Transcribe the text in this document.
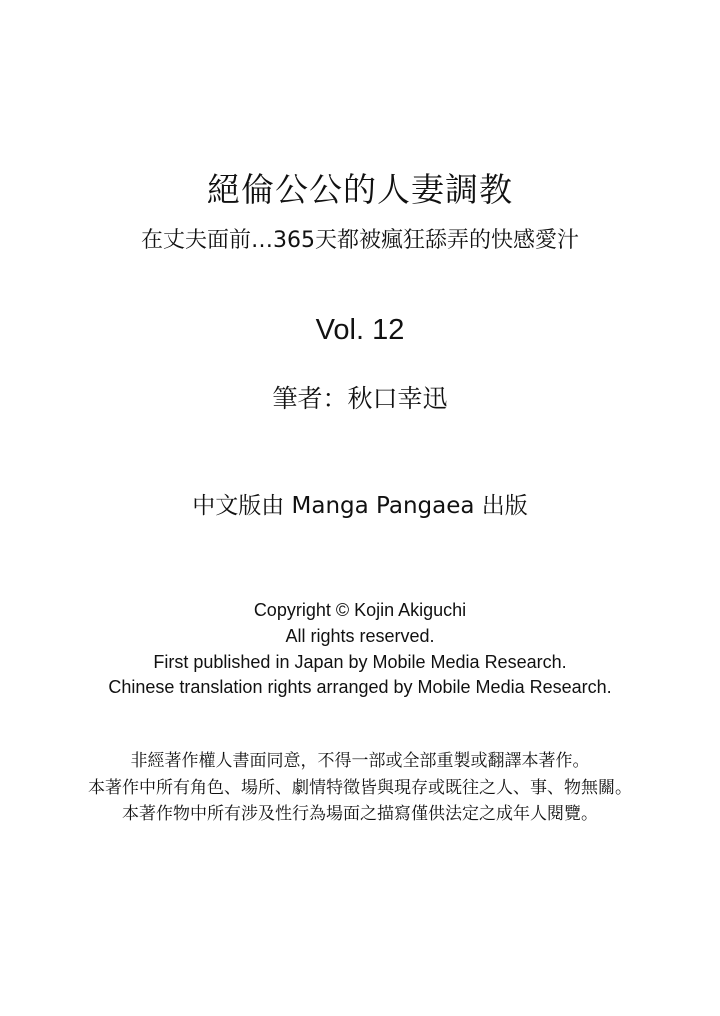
絕倫公公的人妻調教
在丈夫面前…365天都被瘋狂舔弄的快感愛汁
Vol. 12
筆者：秋口幸迅
中文版由 Manga Pangaea 出版
Copyright © Kojin Akiguchi
All rights reserved.
First published in Japan by Mobile Media Research.
Chinese translation rights arranged by Mobile Media Research.
非經著作權人書面同意，不得一部或全部重製或翻譯本著作。
本著作中所有角色、場所、劇情特徵皆與現存或既往之人、事、物無關。
本著作物中所有涉及性行為場面之描寫僅供法定之成年人閱覽。
